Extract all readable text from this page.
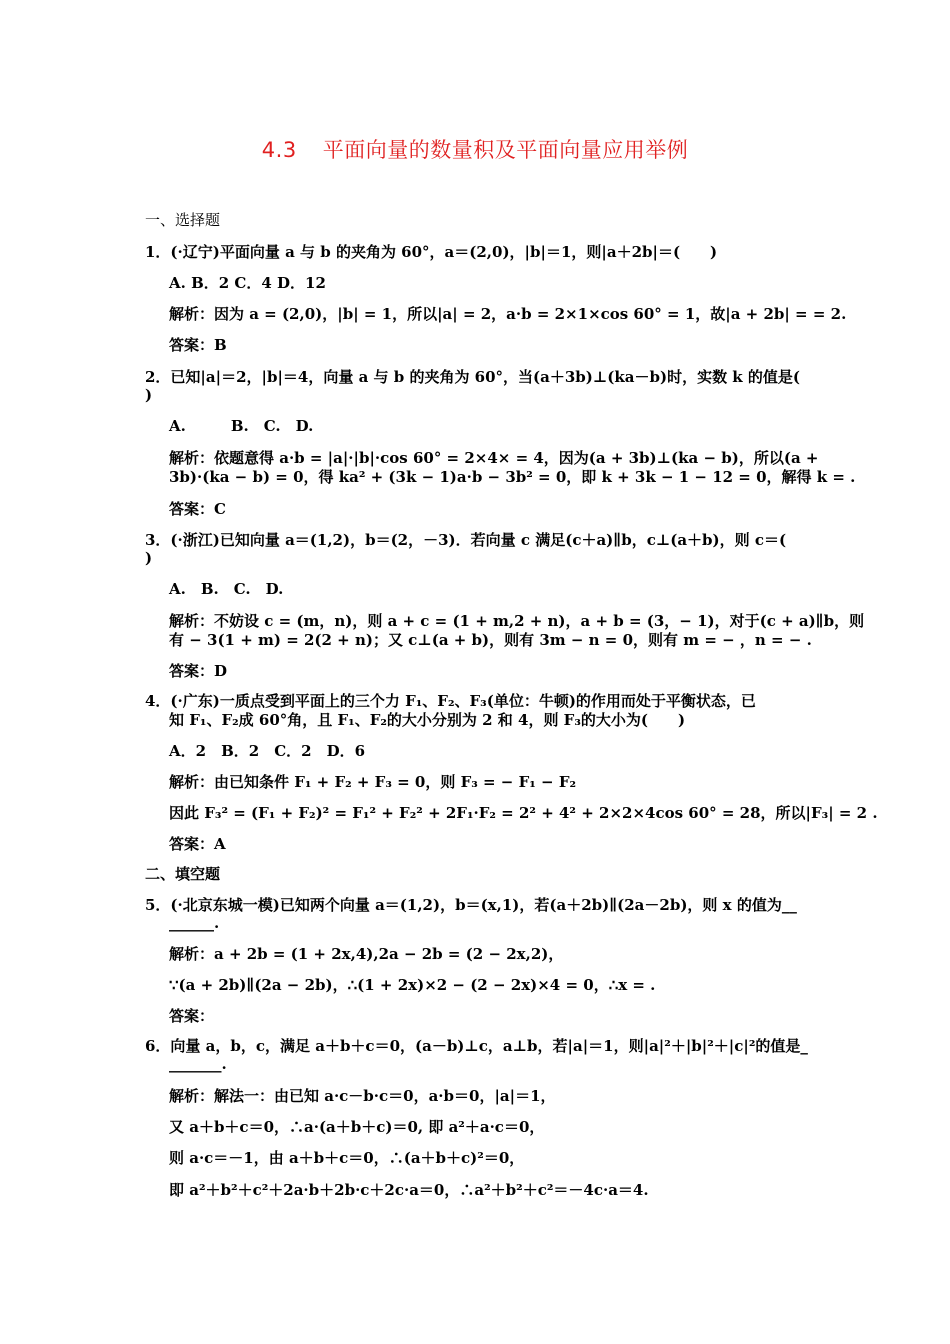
4.3 平面向量的数量积及平面向量应用举例
一、选择题
1．(·辽宁)平面向量 a 与 b 的夹角为 60°，a＝(2,0)，|b|＝1，则|a＋2b|＝(　　)
A. B．2 C．4 D．12
解析：因为 a = (2,0)，|b| = 1，所以|a| = 2，a·b = 2×1×cos 60° = 1，故|a + 2b| = = 2.
答案：B
2．已知|a|＝2，|b|＝4，向量 a 与 b 的夹角为 60°，当(a＋3b)⊥(ka－b)时，实数 k 的值是(
)
A.　　　B.　C.　D.
解析：依题意得 a·b = |a|·|b|·cos 60° = 2×4× = 4，因为(a + 3b)⊥(ka − b)，所以(a +
3b)·(ka − b) = 0，得 ka² + (3k − 1)a·b − 3b² = 0，即 k + 3k − 1 − 12 = 0，解得 k = .
答案：C
3．(·浙江)已知向量 a＝(1,2)，b＝(2，－3)．若向量 c 满足(c＋a)∥b，c⊥(a＋b)，则 c＝(
)
A.　B.　C.　D.
解析：不妨设 c = (m，n)，则 a + c = (1 + m,2 + n)，a + b = (3，− 1)，对于(c + a)∥b，则
有 − 3(1 + m) = 2(2 + n)；又 c⊥(a + b)，则有 3m − n = 0，则有 m = − ，n = − .
答案：D
4．(·广东)一质点受到平面上的三个力 F₁、F₂、F₃(单位：牛顿)的作用而处于平衡状态，已
知 F₁、F₂成 60°角，且 F₁、F₂的大小分别为 2 和 4，则 F₃的大小为(　　)
A．2　B．2　C．2　D．6
解析：由已知条件 F₁ + F₂ + F₃ = 0，则 F₃ = − F₁ − F₂
因此 F₃² = (F₁ + F₂)² = F₁² + F₂² + 2F₁·F₂ = 2² + 4² + 2×2×4cos 60° = 28，所以|F₃| = 2 .
答案：A
二、填空题
5．(·北京东城一模)已知两个向量 a＝(1,2)，b＝(x,1)，若(a＋2b)∥(2a－2b)，则 x 的值为__
______.
解析：a + 2b = (1 + 2x,4),2a − 2b = (2 − 2x,2)，
∵(a + 2b)∥(2a − 2b)，∴(1 + 2x)×2 − (2 − 2x)×4 = 0，∴x = .
答案：
6．向量 a，b，c，满足 a＋b＋c＝0，(a－b)⊥c，a⊥b，若|a|＝1，则|a|²＋|b|²＋|c|²的值是_
_______.
解析：解法一：由已知 a·c－b·c＝0，a·b＝0，|a|＝1，
又 a＋b＋c＝0，∴a·(a＋b＋c)＝0, 即 a²＋a·c＝0，
则 a·c＝－1，由 a＋b＋c＝0，∴(a＋b＋c)²＝0，
即 a²＋b²＋c²＋2a·b＋2b·c＋2c·a＝0，∴a²＋b²＋c²＝－4c·a＝4.
